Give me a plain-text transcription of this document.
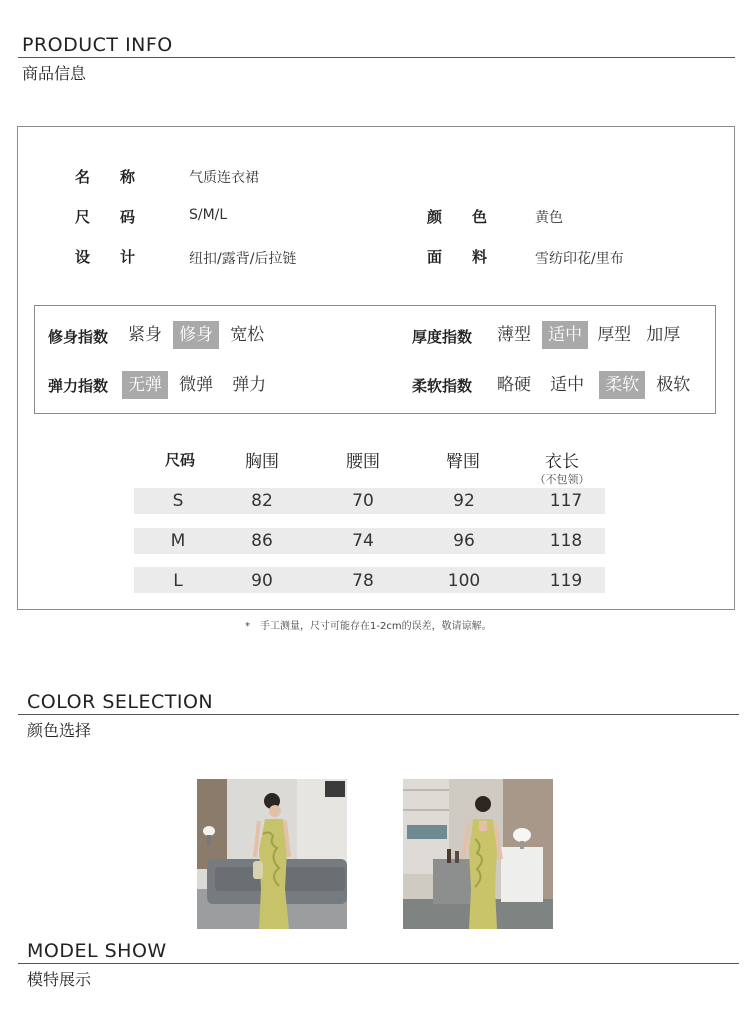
PRODUCT INFO
商品信息
名　　称	气质连衣裙
尺　　码	S/M/L	颜　　色	黄色
设　　计	纽扣/露背/后拉链	面　　料	雪纺印花/里布
修身指数 紧身 修身 宽松	厚度指数 薄型 适中 厚型 加厚
弹力指数	无弹 微弹 弹力	柔软指数 略硬 适中 柔软 极软
尺码	胸围	腰围	臀围	衣长
（不包领）
S	82	70	92	117
M	86	74	96	118
L	90	78	100	119
*　手工测量，尺寸可能存在1-2cm的误差，敬请谅解。
COLOR SELECTION
颜色选择
MODEL SHOW
模特展示
